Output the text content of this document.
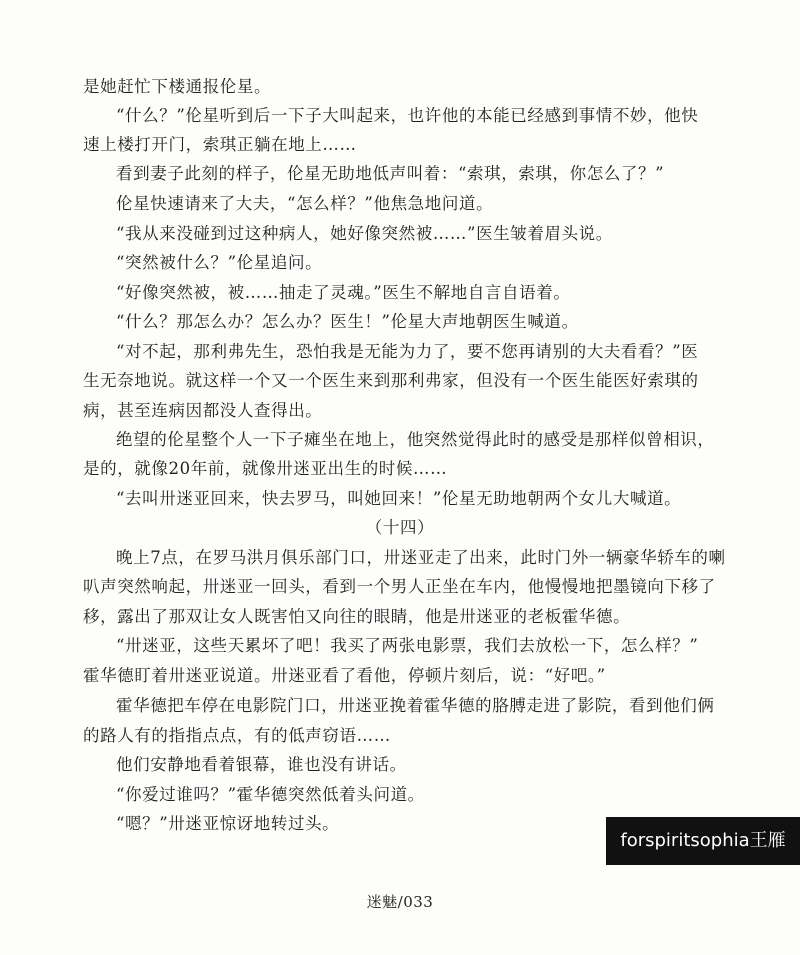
是她赶忙下楼通报伦星。
“什么？”伦星听到后一下子大叫起来，也许他的本能已经感到事情不妙，他快
速上楼打开门，索琪正躺在地上……
看到妻子此刻的样子，伦星无助地低声叫着：“索琪，索琪，你怎么了？”
伦星快速请来了大夫，“怎么样？”他焦急地问道。
“我从来没碰到过这种病人，她好像突然被……”医生皱着眉头说。
“突然被什么？”伦星追问。
“好像突然被，被……抽走了灵魂。”医生不解地自言自语着。
“什么？那怎么办？怎么办？医生！”伦星大声地朝医生喊道。
“对不起，那利弗先生，恐怕我是无能为力了，要不您再请别的大夫看看？”医
生无奈地说。就这样一个又一个医生来到那利弗家，但没有一个医生能医好索琪的
病，甚至连病因都没人查得出。
绝望的伦星整个人一下子瘫坐在地上，他突然觉得此时的感受是那样似曾相识，
是的，就像20年前，就像卅迷亚出生的时候……
“去叫卅迷亚回来，快去罗马，叫她回来！”伦星无助地朝两个女儿大喊道。
（十四）
晚上7点，在罗马洪月俱乐部门口，卅迷亚走了出来，此时门外一辆豪华轿车的喇
叭声突然响起，卅迷亚一回头，看到一个男人正坐在车内，他慢慢地把墨镜向下移了
移，露出了那双让女人既害怕又向往的眼睛，他是卅迷亚的老板霍华德。
“卅迷亚，这些天累坏了吧！我买了两张电影票，我们去放松一下，怎么样？”
霍华德盯着卅迷亚说道。卅迷亚看了看他，停顿片刻后，说：“好吧。”
霍华德把车停在电影院门口，卅迷亚挽着霍华德的胳膊走进了影院，看到他们俩
的路人有的指指点点，有的低声窃语……
他们安静地看着银幕，谁也没有讲话。
“你爱过谁吗？”霍华德突然低着头问道。
“嗯？”卅迷亚惊讶地转过头。
迷魅/033
forspiritsophia王雁
